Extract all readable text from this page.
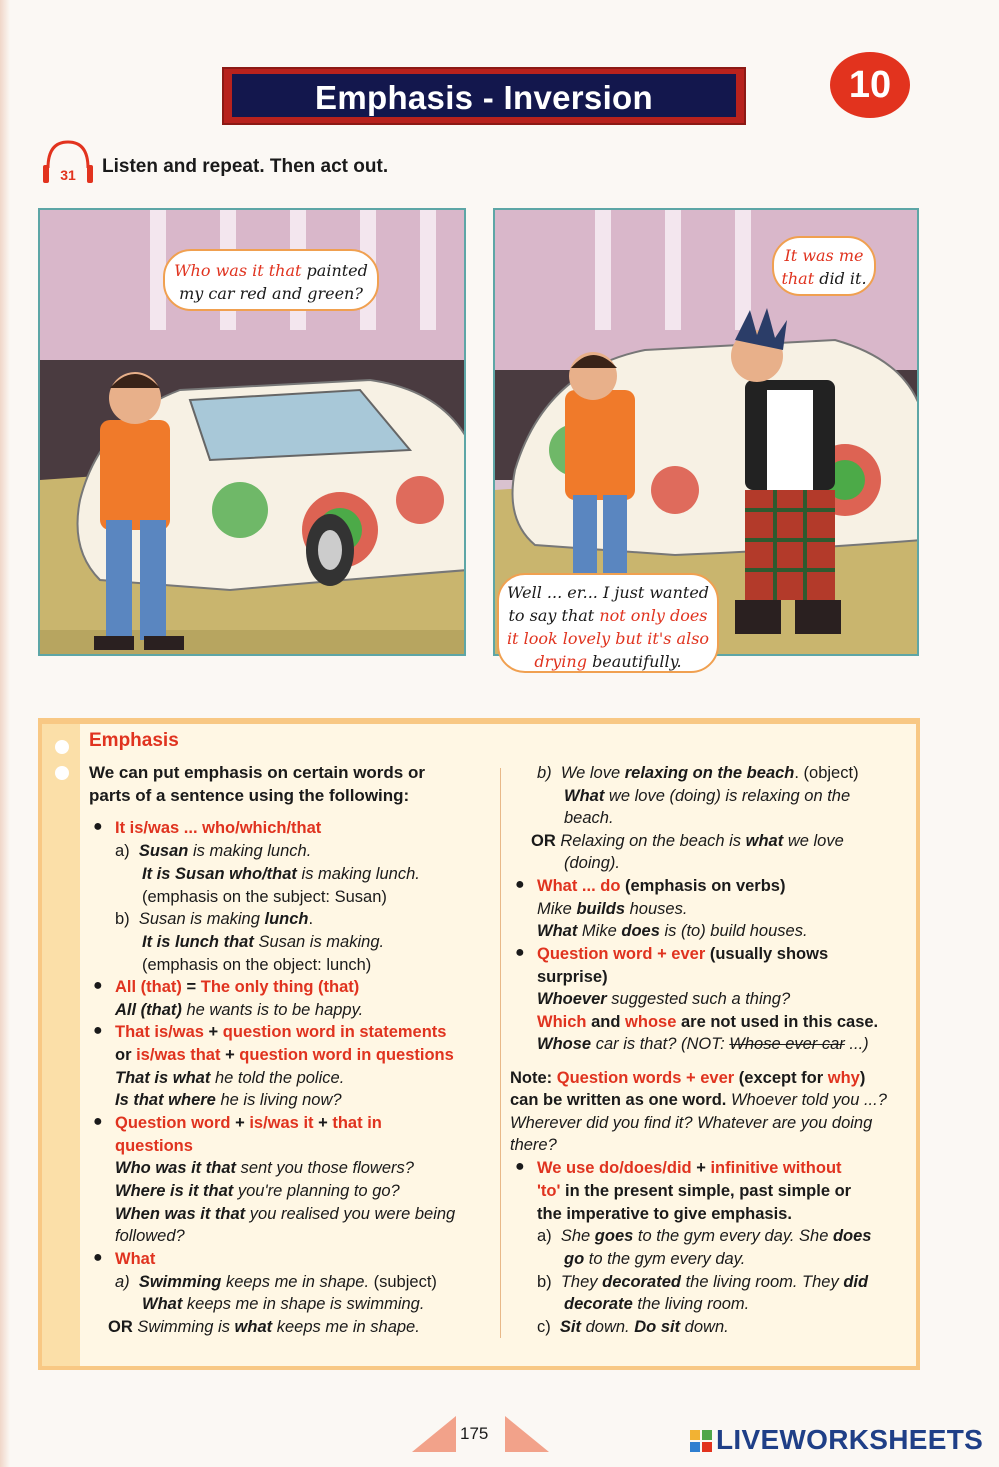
Emphasis - Inversion	10
31 Listen and repeat. Then act out.
Who was it that painted
my car red and green?
It was me
that did it.
Well ... er... I just wanted
to say that not only does
it look lovely but it's also
drying beautifully.
Emphasis
We can put emphasis on certain words or
parts of a sentence using the following:
● It is/was ... who/which/that
a) Susan is making lunch.
It is Susan who/that is making lunch.
(emphasis on the subject: Susan)
b) Susan is making lunch.
It is lunch that Susan is making.
(emphasis on the object: lunch)
● All (that) = The only thing (that)
All (that) he wants is to be happy.
● That is/was + question word in statements
or is/was that + question word in questions
That is what he told the police.
Is that where he is living now?
● Question word + is/was it + that in
questions
Who was it that sent you those flowers?
Where is it that you're planning to go?
When was it that you realised you were being
followed?
● What
a) Swimming keeps me in shape. (subject)
What keeps me in shape is swimming.
OR Swimming is what keeps me in shape.
b) We love relaxing on the beach. (object)
What we love (doing) is relaxing on the
beach.
OR Relaxing on the beach is what we love
(doing).
● What ... do (emphasis on verbs)
Mike builds houses.
What Mike does is (to) build houses.
● Question word + ever (usually shows
surprise)
Whoever suggested such a thing?
Which and whose are not used in this case.
Whose car is that? (NOT: Whose ever car ...)
Note: Question words + ever (except for why)
can be written as one word. Whoever told you ...?
Wherever did you find it? Whatever are you doing
there?
● We use do/does/did + infinitive without
'to' in the present simple, past simple or
the imperative to give emphasis.
a) She goes to the gym every day. She does
go to the gym every day.
b) They decorated the living room. They did
decorate the living room.
c) Sit down. Do sit down.
175	LIVEWORKSHEETS
